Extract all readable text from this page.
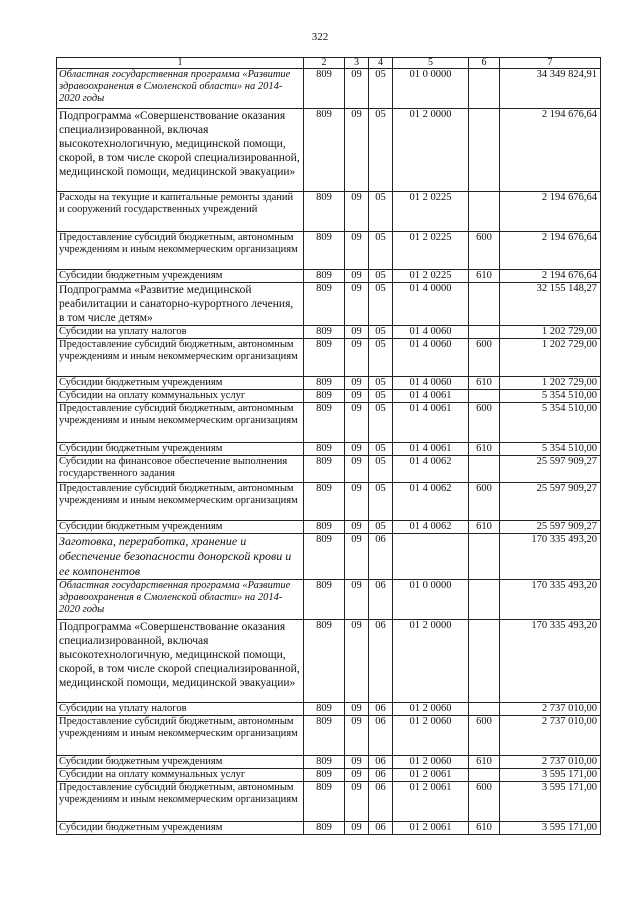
322
1	2	3	4	5	6	7
Областная государственная программа «Развитие здравоохранения в Смоленской области» на 2014-2020 годы	809	09	05	01 0 0000		34 349 824,91
Подпрограмма «Совершенствование оказания специализированной, включая высокотехнологичную, медицинской помощи, скорой, в том числе скорой специализированной, медицинской помощи, медицинской эвакуации»	809	09	05	01 2 0000		2 194 676,64
Расходы на текущие и капитальные ремонты зданий и сооружений государственных учреждений	809	09	05	01 2 0225		2 194 676,64
Предоставление субсидий бюджетным, автономным учреждениям и иным некоммерческим организациям	809	09	05	01 2 0225	600	2 194 676,64
Субсидии бюджетным учреждениям	809	09	05	01 2 0225	610	2 194 676,64
Подпрограмма «Развитие медицинской реабилитации и санаторно-курортного лечения, в том числе детям»	809	09	05	01 4 0000		32 155 148,27
Субсидии на уплату налогов	809	09	05	01 4 0060		1 202 729,00
Предоставление субсидий бюджетным, автономным учреждениям и иным некоммерческим организациям	809	09	05	01 4 0060	600	1 202 729,00
Субсидии бюджетным учреждениям	809	09	05	01 4 0060	610	1 202 729,00
Субсидии на оплату коммунальных услуг	809	09	05	01 4 0061		5 354 510,00
Предоставление субсидий бюджетным, автономным учреждениям и иным некоммерческим организациям	809	09	05	01 4 0061	600	5 354 510,00
Субсидии бюджетным учреждениям	809	09	05	01 4 0061	610	5 354 510,00
Субсидии на финансовое обеспечение выполнения государственного задания	809	09	05	01 4 0062		25 597 909,27
Предоставление субсидий бюджетным, автономным учреждениям и иным некоммерческим организациям	809	09	05	01 4 0062	600	25 597 909,27
Субсидии бюджетным учреждениям	809	09	05	01 4 0062	610	25 597 909,27
Заготовка, переработка, хранение и обеспечение безопасности донорской крови и ее компонентов	809	09	06			170 335 493,20
Областная государственная программа «Развитие здравоохранения в Смоленской области» на 2014-2020 годы	809	09	06	01 0 0000		170 335 493,20
Подпрограмма «Совершенствование оказания специализированной, включая высокотехнологичную, медицинской помощи, скорой, в том числе скорой специализированной, медицинской помощи, медицинской эвакуации»	809	09	06	01 2 0000		170 335 493,20
Субсидии на уплату налогов	809	09	06	01 2 0060		2 737 010,00
Предоставление субсидий бюджетным, автономным учреждениям и иным некоммерческим организациям	809	09	06	01 2 0060	600	2 737 010,00
Субсидии бюджетным учреждениям	809	09	06	01 2 0060	610	2 737 010,00
Субсидии на оплату коммунальных услуг	809	09	06	01 2 0061		3 595 171,00
Предоставление субсидий бюджетным, автономным учреждениям и иным некоммерческим организациям	809	09	06	01 2 0061	600	3 595 171,00
Субсидии бюджетным учреждениям	809	09	06	01 2 0061	610	3 595 171,00
